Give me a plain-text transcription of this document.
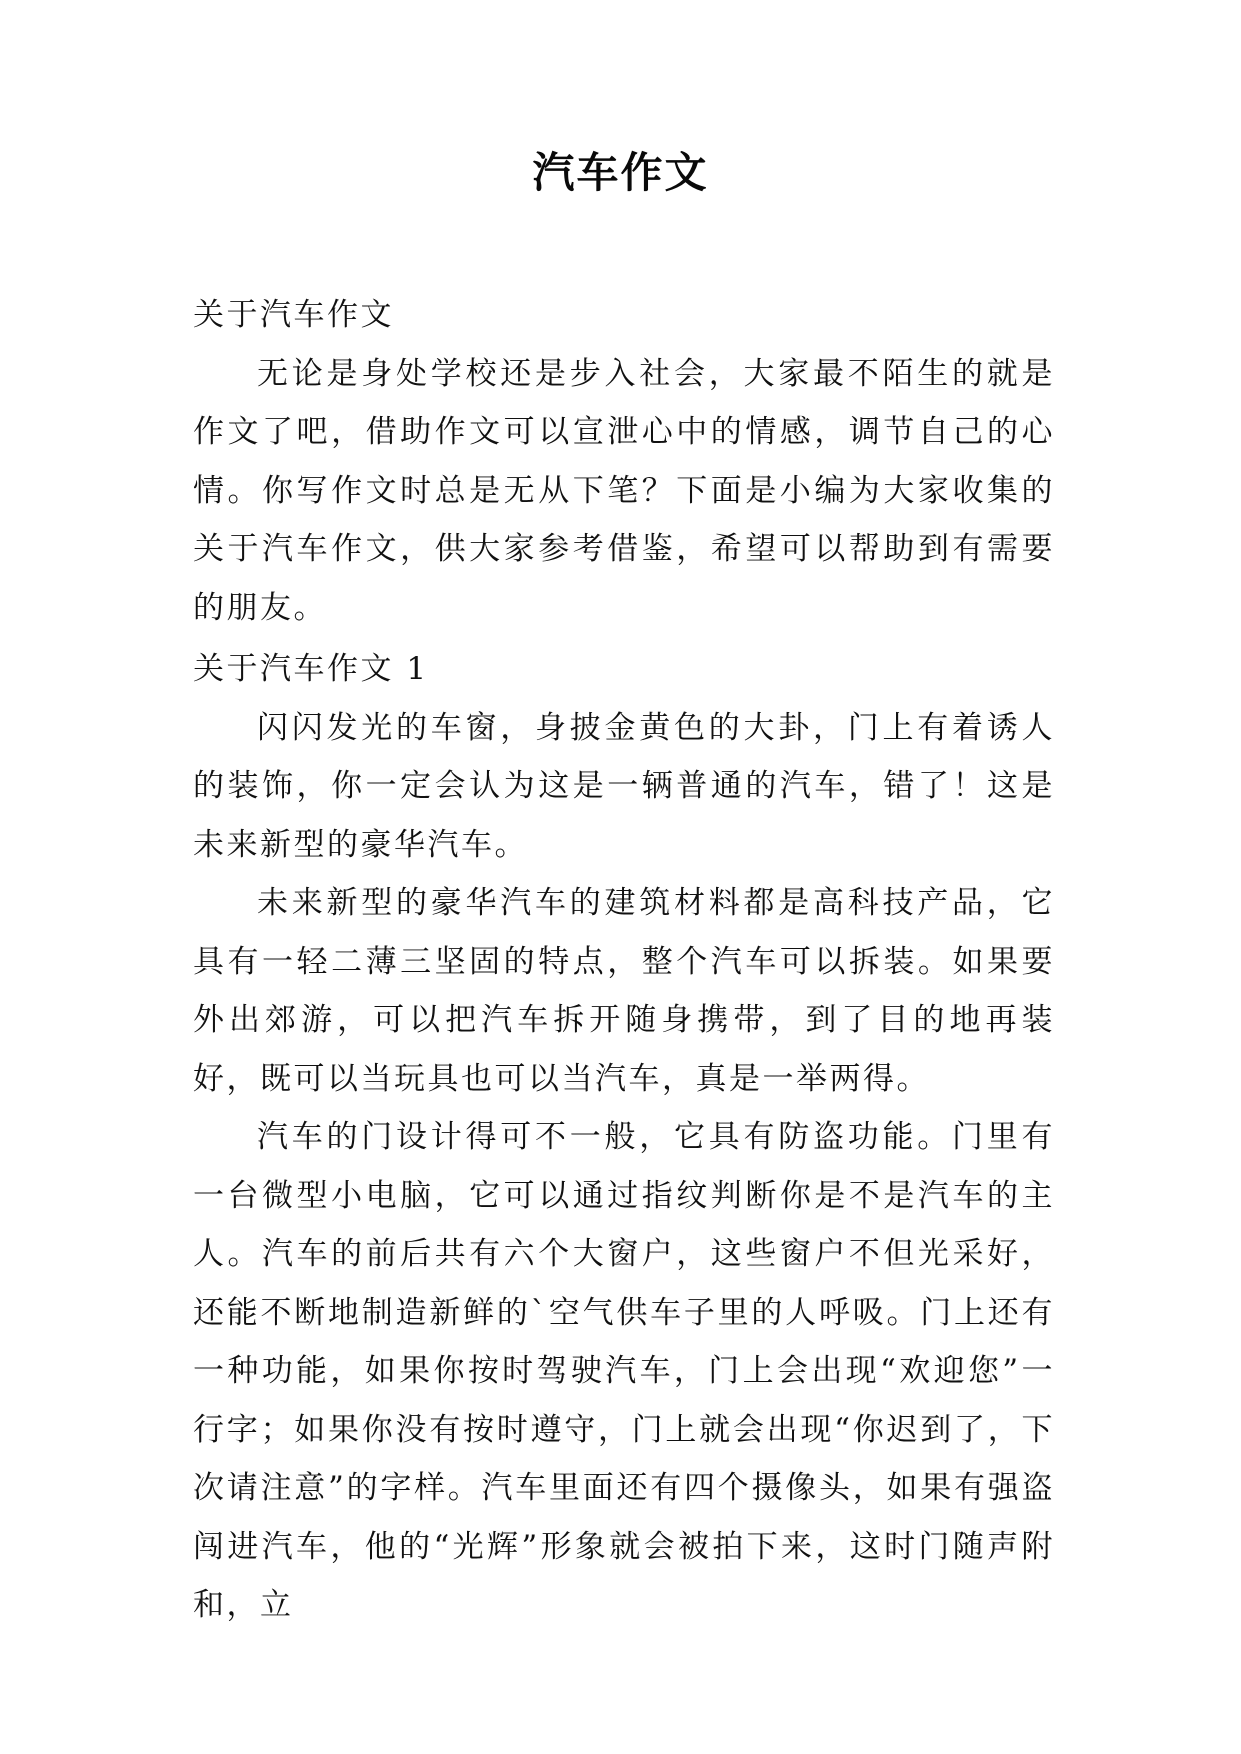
汽车作文

关于汽车作文

无论是身处学校还是步入社会，大家最不陌生的就是作文了吧，借助作文可以宣泄心中的情感，调节自己的心情。你写作文时总是无从下笔？下面是小编为大家收集的关于汽车作文，供大家参考借鉴，希望可以帮助到有需要的朋友。

关于汽车作文 1

闪闪发光的车窗，身披金黄色的大卦，门上有着诱人的装饰，你一定会认为这是一辆普通的汽车，错了！这是未来新型的豪华汽车。

未来新型的豪华汽车的建筑材料都是高科技产品，它具有一轻二薄三坚固的特点，整个汽车可以拆装。如果要外出郊游，可以把汽车拆开随身携带，到了目的地再装好，既可以当玩具也可以当汽车，真是一举两得。

汽车的门设计得可不一般，它具有防盗功能。门里有一台微型小电脑，它可以通过指纹判断你是不是汽车的主人。汽车的前后共有六个大窗户，这些窗户不但光采好，还能不断地制造新鲜的`空气供车子里的人呼吸。门上还有一种功能，如果你按时驾驶汽车，门上会出现“欢迎您”一行字；如果你没有按时遵守，门上就会出现“你迟到了，下次请注意”的字样。汽车里面还有四个摄像头，如果有强盗闯进汽车，他的“光辉”形象就会被拍下来，这时门随声附和，立
